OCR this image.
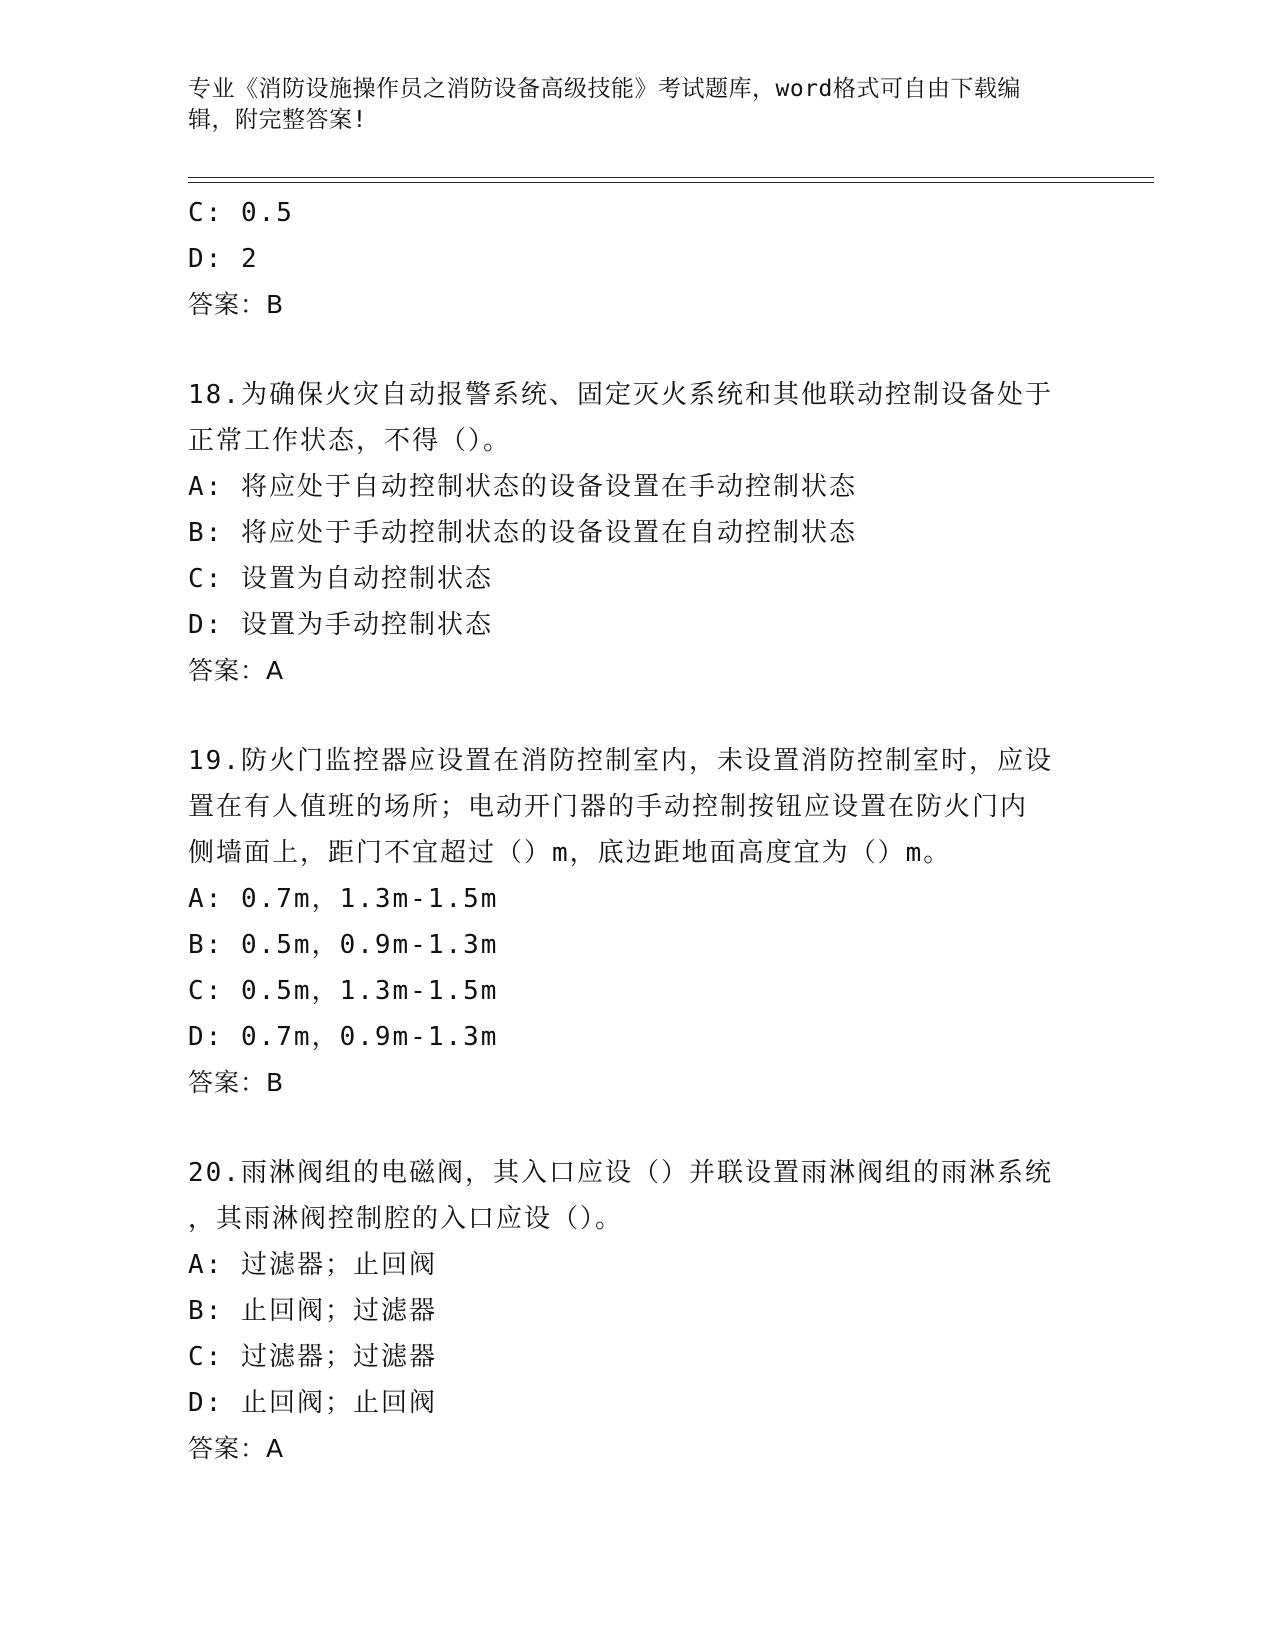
专业《消防设施操作员之消防设备高级技能》考试题库，word格式可自由下载编
辑，附完整答案!
C: 0.5
D: 2
答案：B
18.为确保火灾自动报警系统、固定灭火系统和其他联动控制设备处于
正常工作状态，不得（）。
A: 将应处于自动控制状态的设备设置在手动控制状态
B: 将应处于手动控制状态的设备设置在自动控制状态
C: 设置为自动控制状态
D: 设置为手动控制状态
答案：A
19.防火门监控器应设置在消防控制室内，未设置消防控制室时，应设
置在有人值班的场所；电动开门器的手动控制按钮应设置在防火门内
侧墙面上，距门不宜超过（）m，底边距地面高度宜为（）m。
A: 0.7m，1.3m-1.5m
B: 0.5m，0.9m-1.3m
C: 0.5m，1.3m-1.5m
D: 0.7m，0.9m-1.3m
答案：B
20.雨淋阀组的电磁阀，其入口应设（）并联设置雨淋阀组的雨淋系统
，其雨淋阀控制腔的入口应设（）。
A: 过滤器；止回阀
B: 止回阀；过滤器
C: 过滤器；过滤器
D: 止回阀；止回阀
答案：A
